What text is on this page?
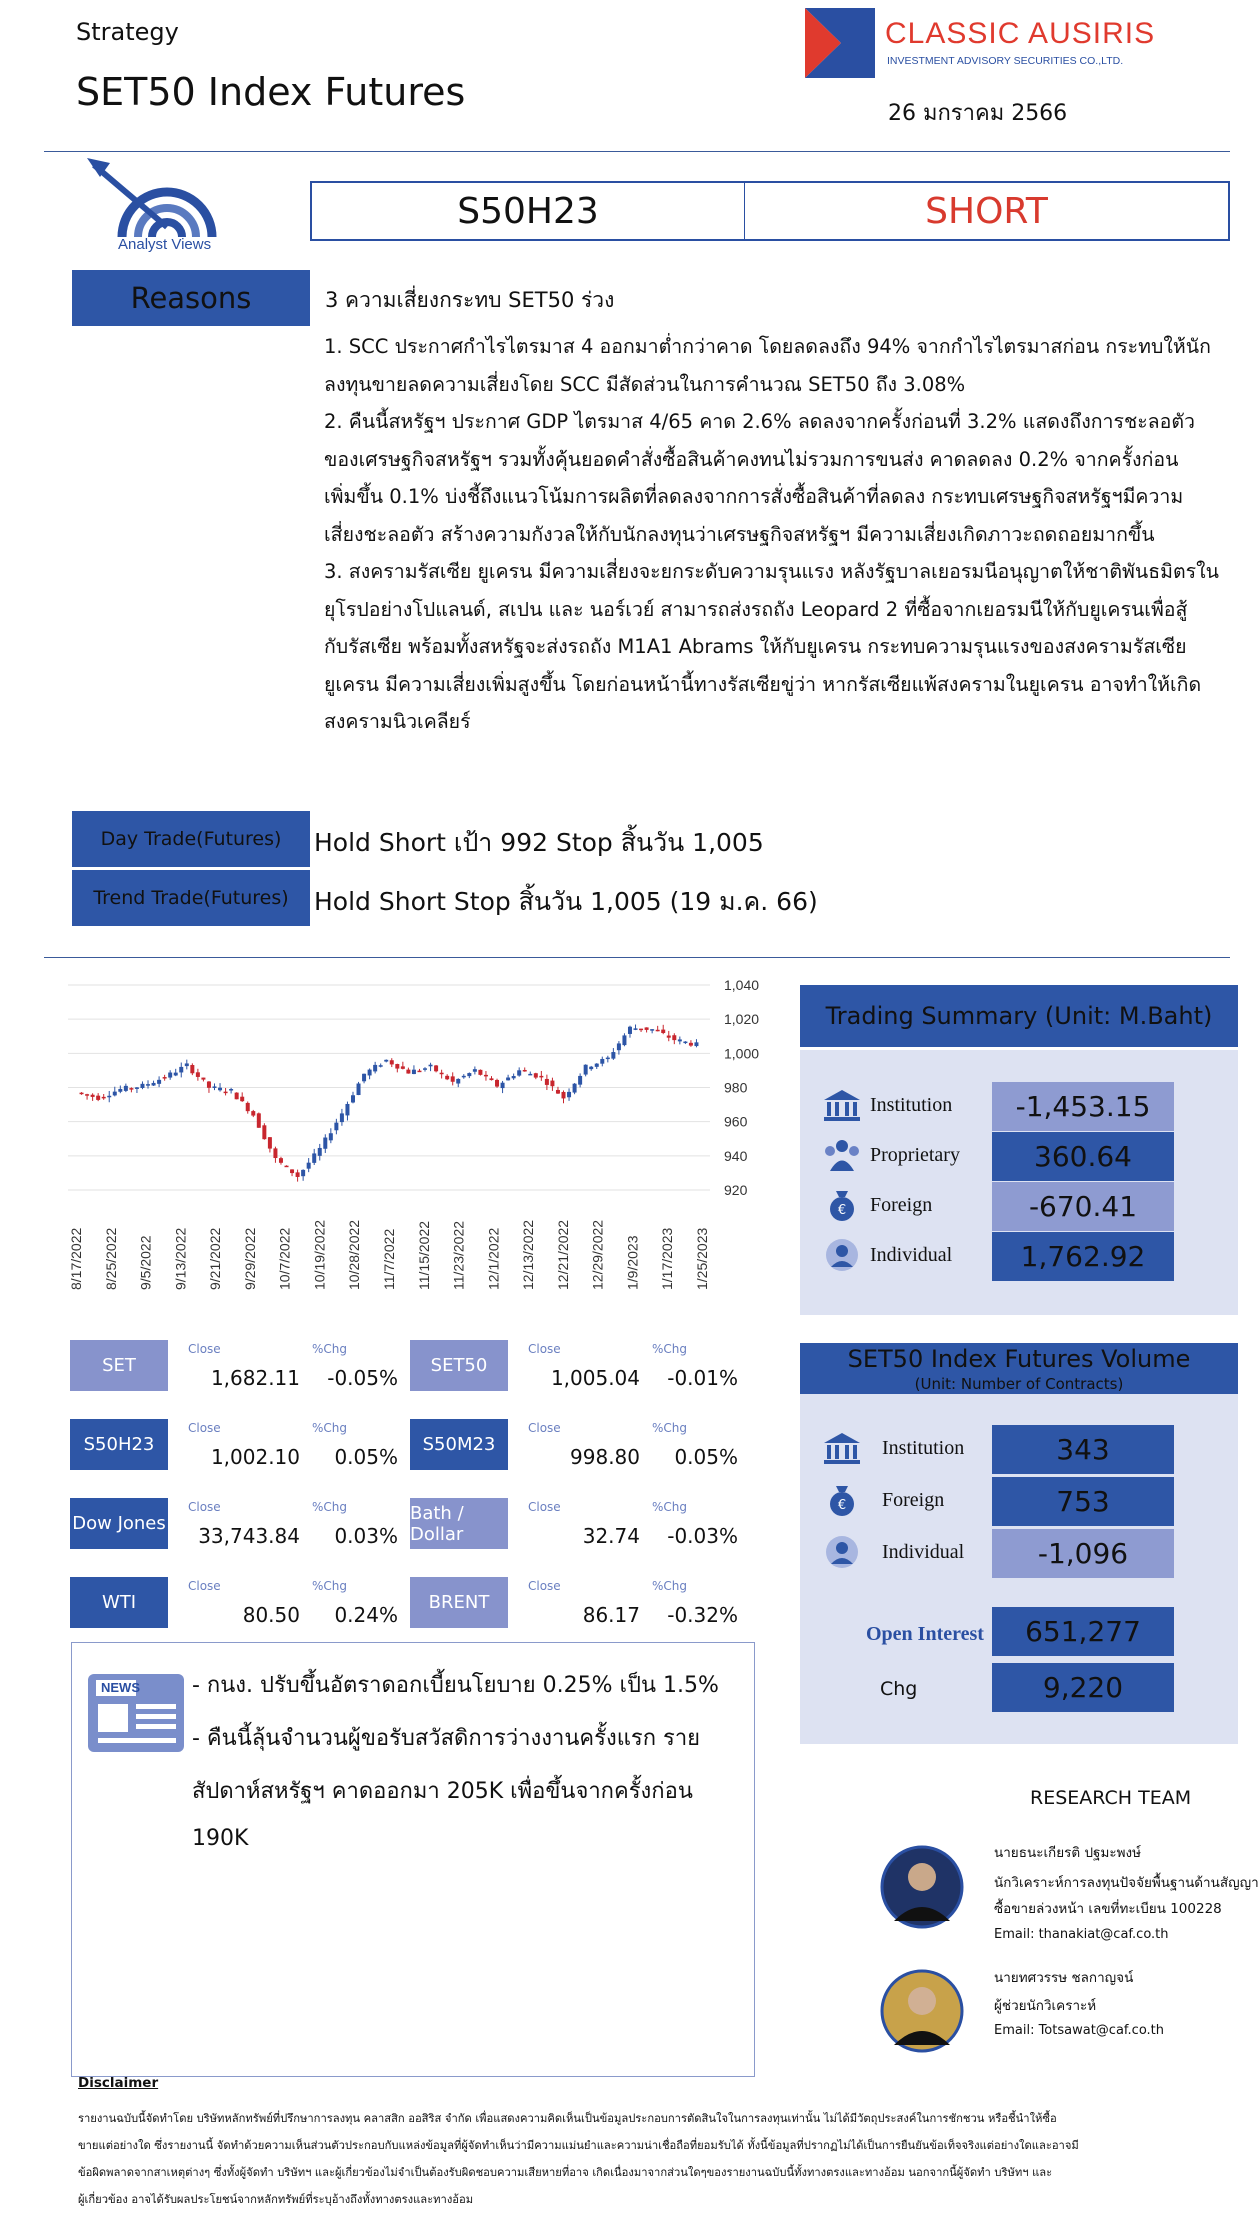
Strategy
SET50 Index Futures
CLASSIC AUSIRIS
INVESTMENT ADVISORY SECURITIES CO.,LTD.
26 มกราคม 2566
Analyst Views
S50H23	SHORT
Reasons	3 ความเสี่ยงกระทบ SET50 ร่วง
1. SCC ประกาศกำไรไตรมาส 4 ออกมาต่ำกว่าคาด โดยลดลงถึง 94% จากกำไรไตรมาสก่อน กระทบให้นัก
ลงทุนขายลดความเสี่ยงโดย SCC มีสัดส่วนในการคำนวณ SET50 ถึง 3.08%
2. คืนนี้สหรัฐฯ ประกาศ GDP ไตรมาส 4/65 คาด 2.6% ลดลงจากครั้งก่อนที่ 3.2% แสดงถึงการชะลอตัว
ของเศรษฐกิจสหรัฐฯ รวมทั้งคุ้นยอดคำสั่งซื้อสินค้าคงทนไม่รวมการขนส่ง คาดลดลง 0.2% จากครั้งก่อน
เพิ่มขึ้น 0.1% บ่งชี้ถึงแนวโน้มการผลิตที่ลดลงจากการสั่งซื้อสินค้าที่ลดลง กระทบเศรษฐกิจสหรัฐฯมีความ
เสี่ยงชะลอตัว สร้างความกังวลให้กับนักลงทุนว่าเศรษฐกิจสหรัฐฯ มีความเสี่ยงเกิดภาวะถดถอยมากขึ้น
3. สงครามรัสเซีย ยูเครน มีความเสี่ยงจะยกระดับความรุนแรง หลังรัฐบาลเยอรมนีอนุญาตให้ชาติพันธมิตรใน
ยุโรปอย่างโปแลนด์, สเปน และ นอร์เวย์ สามารถส่งรถถัง Leopard 2 ที่ซื้อจากเยอรมนีให้กับยูเครนเพื่อสู้
กับรัสเซีย พร้อมทั้งสหรัฐจะส่งรถถัง M1A1 Abrams ให้กับยูเครน กระทบความรุนแรงของสงครามรัสเซีย
ยูเครน มีความเสี่ยงเพิ่มสูงขึ้น โดยก่อนหน้านี้ทางรัสเซียขู่ว่า หากรัสเซียแพ้สงครามในยูเครน อาจทำให้เกิด
สงครามนิวเคลียร์
Day Trade(Futures)	Hold Short เป้า 992 Stop สิ้นวัน 1,005
Trend Trade(Futures)	Hold Short Stop สิ้นวัน 1,005 (19 ม.ค. 66)
1,040
1,020
1,000
980
960
940
920
8/17/2022 8/25/2022 9/5/2022 9/13/2022 9/21/2022 9/29/2022 10/7/2022 10/19/2022 10/28/2022 11/7/2022 11/15/2022 11/23/2022 12/1/2022 12/13/2022 12/21/2022 12/29/2022 1/9/2023 1/17/2023 1/25/2023
SET
Close	%Chg
1,682.11	-0.05%
SET50
Close	%Chg
1,005.04	-0.01%
S50H23
Close	%Chg
1,002.10	0.05%
S50M23
Close	%Chg
998.80	0.05%
Dow Jones
Close	%Chg
33,743.84	0.03%
Bath / Dollar
Close	%Chg
32.74	-0.03%
WTI
Close	%Chg
80.50	0.24%
BRENT
Close	%Chg
86.17	-0.32%
NEWS - กนง. ปรับขึ้นอัตราดอกเบี้ยนโยบาย 0.25% เป็น 1.5%
- คืนนี้ลุ้นจำนวนผู้ขอรับสวัสดิการว่างงานครั้งแรก ราย
สัปดาห์สหรัฐฯ คาดออกมา 205K เพื่อขึ้นจากครั้งก่อน
190K
Trading Summary (Unit: M.Baht)
SET50 Index Futures Volume
(Unit: Number of Contracts)
Open Interest	651,277
Chg	9,220
RESEARCH TEAM
นายธนะเกียรติ ปฐมะพงษ์
นักวิเคราะห์การลงทุนปัจจัยพื้นฐานด้านสัญญา
ซื้อขายล่วงหน้า เลขที่ทะเบียน 100228
Email: thanakiat@caf.co.th
นายทศวรรษ ชลกาญจน์
ผู้ช่วยนักวิเคราะห์
Email: Totsawat@caf.co.th
Disclaimer
รายงานฉบับนี้จัดทำโดย บริษัทหลักทรัพย์ที่ปรึกษาการลงทุน คลาสสิก ออสิริส จำกัด เพื่อแสดงความคิดเห็นเป็นข้อมูลประกอบการตัดสินใจในการลงทุนเท่านั้น ไม่ได้มีวัตถุประสงค์ในการชักชวน หรือชี้นำให้ซื้อ
ขายแต่อย่างใด ซึ่งรายงานนี้ จัดทำด้วยความเห็นส่วนตัวประกอบกับแหล่งข้อมูลที่ผู้จัดทำเห็นว่ามีความแม่นยำและความน่าเชื่อถือที่ยอมรับได้ ทั้งนี้ข้อมูลที่ปรากฏไม่ได้เป็นการยืนยันข้อเท็จจริงแต่อย่างใดและอาจมี
ข้อผิดพลาดจากสาเหตุต่างๆ ซึ่งทั้งผู้จัดทำ บริษัทฯ และผู้เกี่ยวข้องไม่จำเป็นต้องรับผิดชอบความเสียหายที่อาจ เกิดเนื่องมาจากส่วนใดๆของรายงานฉบับนี้ทั้งทางตรงและทางอ้อม นอกจากนี้ผู้จัดทำ บริษัทฯ และ
ผู้เกี่ยวข้อง อาจได้รับผลประโยชน์จากหลักทรัพย์ที่ระบุอ้างถึงทั้งทางตรงและทางอ้อม
Institution	-1,453.15
Proprietary	360.64
€ Foreign	-670.41
Individual	1,762.92
Institution	343
€ Foreign	753
Individual	-1,096
